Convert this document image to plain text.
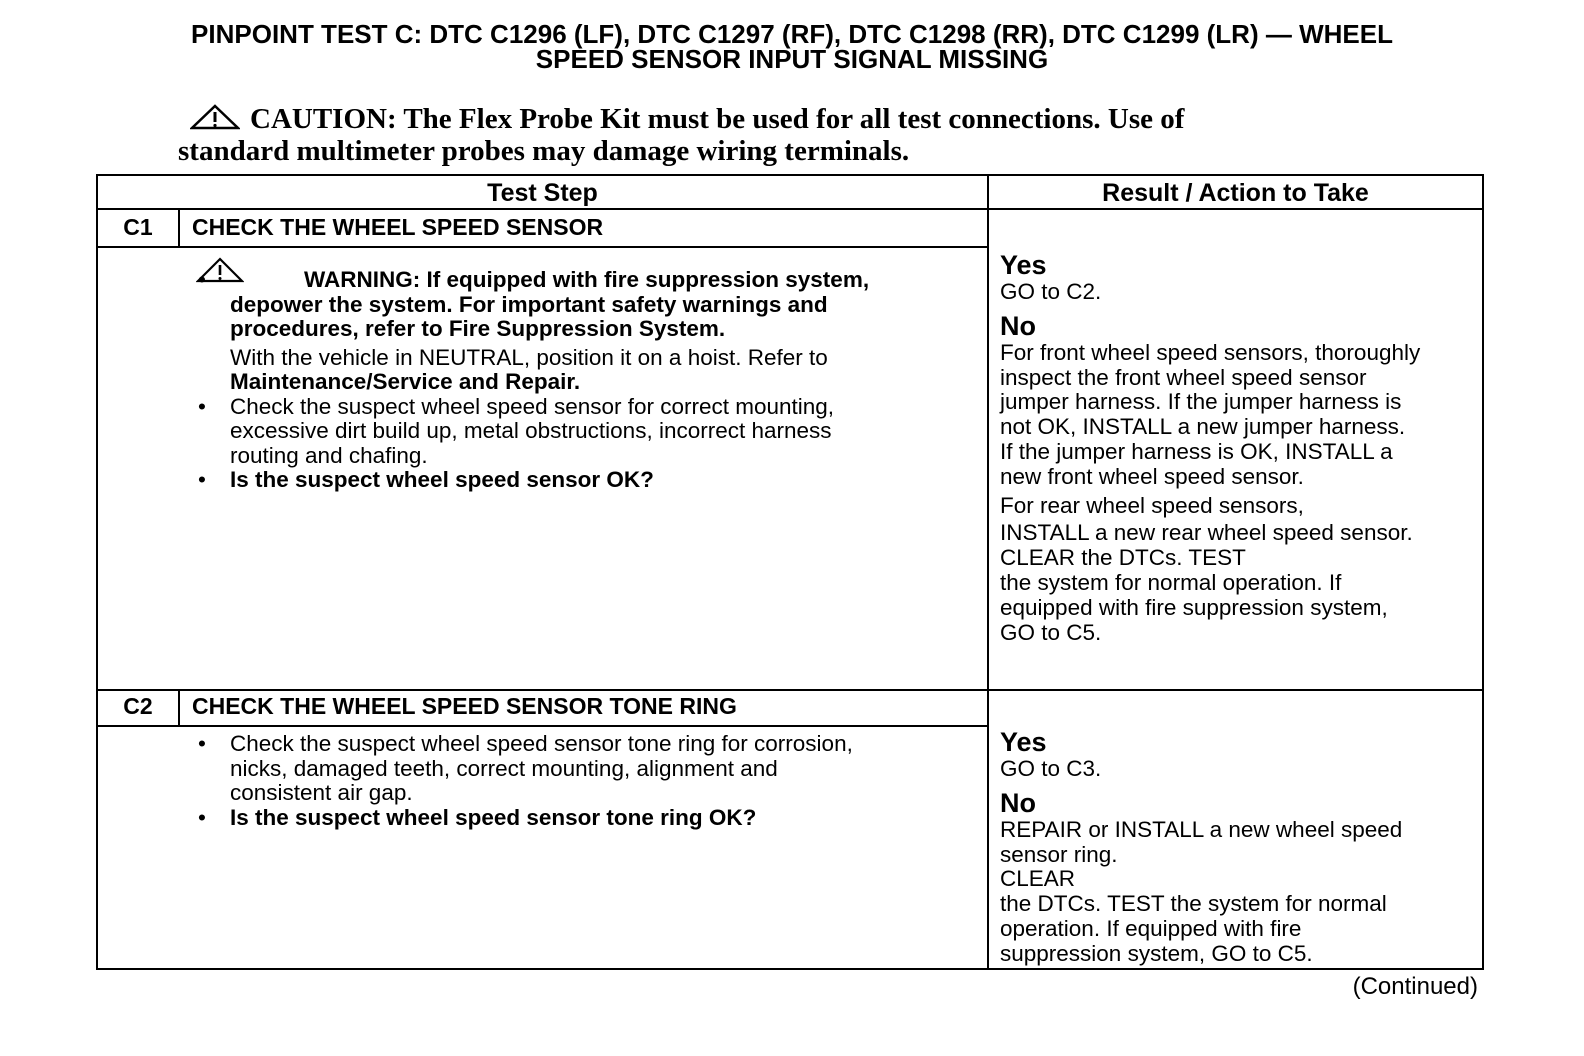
PINPOINT TEST C: DTC C1296 (LF), DTC C1297 (RF), DTC C1298 (RR), DTC C1299 (LR) — WHEEL
SPEED SENSOR INPUT SIGNAL MISSING
CAUTION: The Flex Probe Kit must be used for all test connections. Use of
standard multimeter probes may damage wiring terminals.
Test Step	Result / Action to Take
C1	CHECK THE WHEEL SPEED SENSOR
•	WARNING: If equipped with fire suppression system,
depower the system. For important safety warnings and
procedures, refer to Fire Suppression System.
With the vehicle in NEUTRAL, position it on a hoist. Refer to
Maintenance/Service and Repair.
• Check the suspect wheel speed sensor for correct mounting,
excessive dirt build up, metal obstructions, incorrect harness
routing and chafing.
• Is the suspect wheel speed sensor OK?
Yes
GO to C2.
No
For front wheel speed sensors, thoroughly
inspect the front wheel speed sensor
jumper harness. If the jumper harness is
not OK, INSTALL a new jumper harness.
If the jumper harness is OK, INSTALL a
new front wheel speed sensor.
For rear wheel speed sensors,
INSTALL a new rear wheel speed sensor.
CLEAR the DTCs. TEST
the system for normal operation. If
equipped with fire suppression system,
GO to C5.
C2	CHECK THE WHEEL SPEED SENSOR TONE RING
• Check the suspect wheel speed sensor tone ring for corrosion,
nicks, damaged teeth, correct mounting, alignment and
consistent air gap.
• Is the suspect wheel speed sensor tone ring OK?
Yes
GO to C3.
No
REPAIR or INSTALL a new wheel speed
sensor ring.
CLEAR
the DTCs. TEST the system for normal
operation. If equipped with fire
suppression system, GO to C5.
(Continued)
